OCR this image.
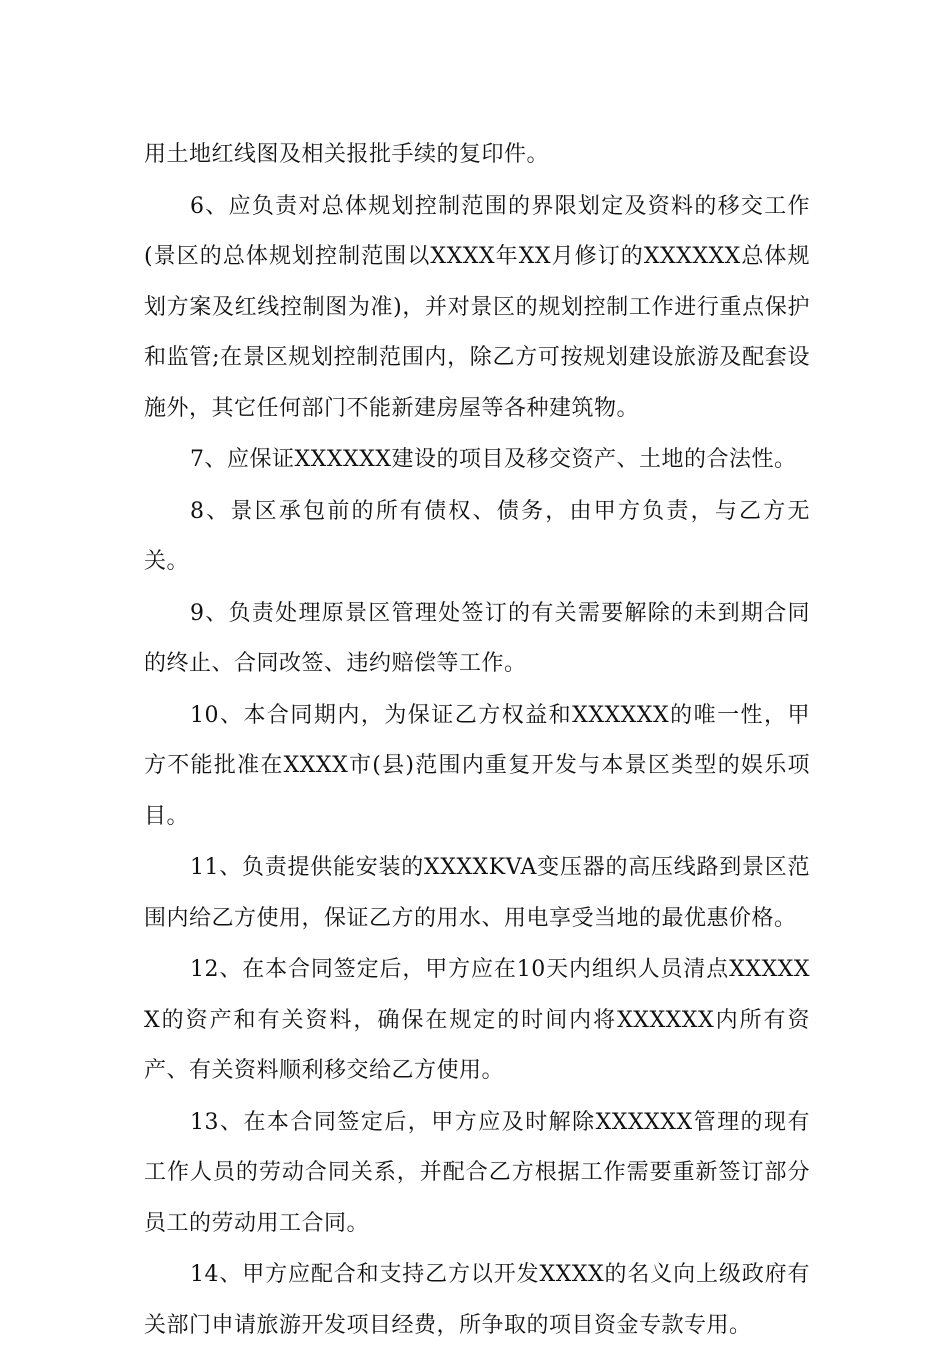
用土地红线图及相关报批手续的复印件。

6、应负责对总体规划控制范围的界限划定及资料的移交工作(景区的总体规划控制范围以XXXX年XX月修订的XXXXXX总体规划方案及红线控制图为准)，并对景区的规划控制工作进行重点保护和监管;在景区规划控制范围内，除乙方可按规划建设旅游及配套设施外，其它任何部门不能新建房屋等各种建筑物。

7、应保证XXXXXX建设的项目及移交资产、土地的合法性。

8、景区承包前的所有债权、债务，由甲方负责，与乙方无关。

9、负责处理原景区管理处签订的有关需要解除的未到期合同的终止、合同改签、违约赔偿等工作。

10、本合同期内，为保证乙方权益和XXXXXX的唯一性，甲方不能批准在XXXX市(县)范围内重复开发与本景区类型的娱乐项目。

11、负责提供能安装的XXXXKVA变压器的高压线路到景区范围内给乙方使用，保证乙方的用水、用电享受当地的最优惠价格。

12、在本合同签定后，甲方应在10天内组织人员清点XXXXXX的资产和有关资料，确保在规定的时间内将XXXXXX内所有资产、有关资料顺利移交给乙方使用。

13、在本合同签定后，甲方应及时解除XXXXXX管理的现有工作人员的劳动合同关系，并配合乙方根据工作需要重新签订部分员工的劳动用工合同。

14、甲方应配合和支持乙方以开发XXXX的名义向上级政府有关部门申请旅游开发项目经费，所争取的项目资金专款专用。
